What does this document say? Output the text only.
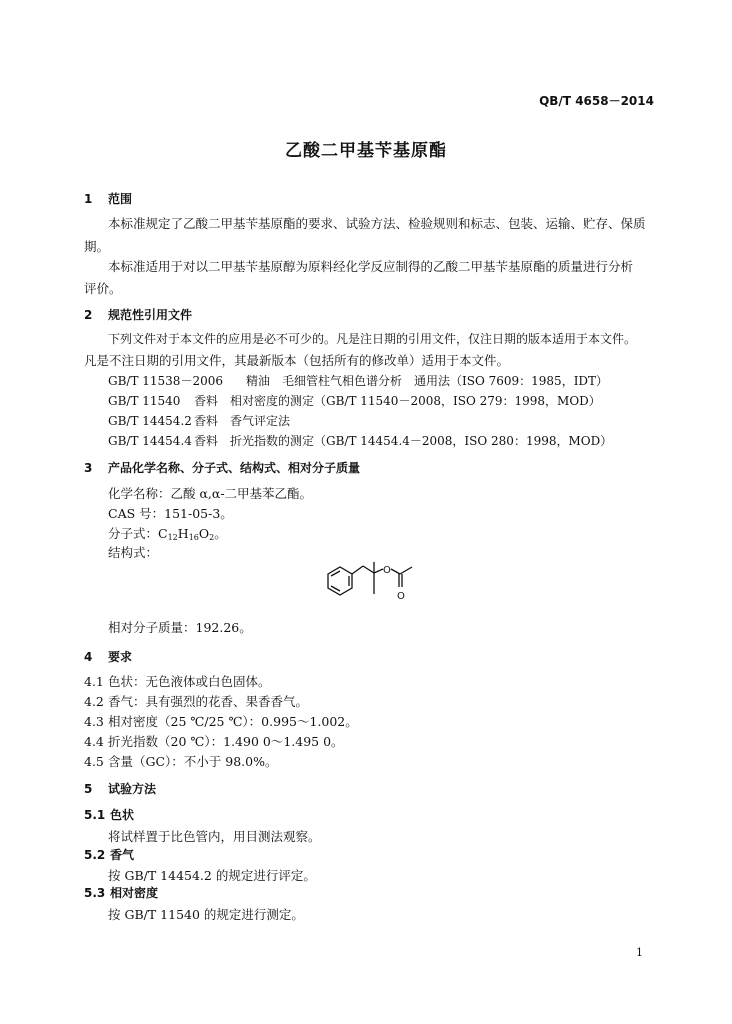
QB/T 4658－2014
乙酸二甲基苄基原酯
1 范围
本标准规定了乙酸二甲基苄基原酯的要求、试验方法、检验规则和标志、包装、运输、贮存、保质
期。
本标准适用于对以二甲基苄基原醇为原料经化学反应制得的乙酸二甲基苄基原酯的质量进行分析
评价。
2 规范性引用文件
下列文件对于本文件的应用是必不可少的。凡是注日期的引用文件，仅注日期的版本适用于本文件。
凡是不注日期的引用文件，其最新版本（包括所有的修改单）适用于本文件。
GB/T 11538－2006 精油　毛细管柱气相色谱分析　通用法（ISO 7609：1985，IDT）
GB/T 11540 香料　相对密度的测定（GB/T 11540－2008，ISO 279：1998，MOD）
GB/T 14454.2 香料　香气评定法
GB/T 14454.4 香料　折光指数的测定（GB/T 14454.4－2008，ISO 280：1998，MOD）
3 产品化学名称、分子式、结构式、相对分子质量
化学名称：乙酸 α,α-二甲基苯乙酯。
CAS 号：151-05-3。
分子式：$C_{12}H_{16}O_2$。
结构式：
O
O
相对分子质量：192.26。
4 要求
4.1 色状：无色液体或白色固体。
4.2 香气：具有强烈的花香、果香香气。
4.3 相对密度（25 ℃/25 ℃）：0.995～1.002。
4.4 折光指数（20 ℃）：1.490 0～1.495 0。
4.5 含量（GC）：不小于 98.0%。
5 试验方法
5.1 色状
将试样置于比色管内，用目测法观察。
5.2 香气
按 GB/T 14454.2 的规定进行评定。
5.3 相对密度
按 GB/T 11540 的规定进行测定。
1
